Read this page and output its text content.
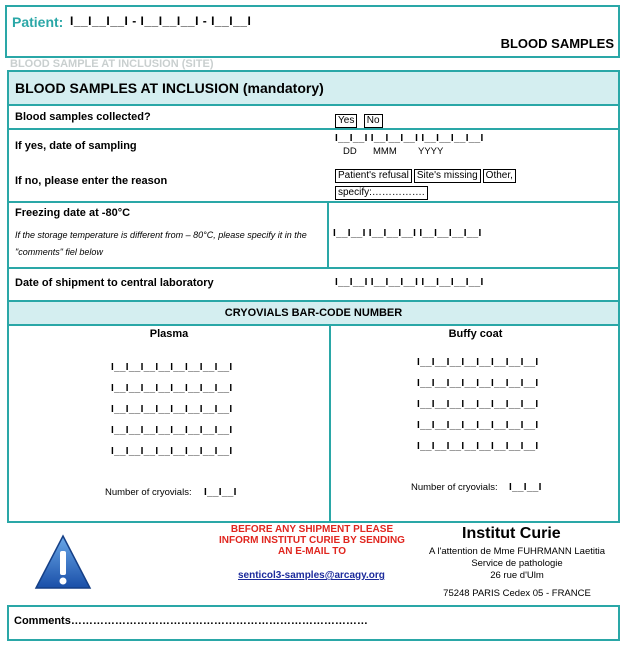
Patient: I__I__I__I - I__I__I__I - I__I__I
BLOOD SAMPLES
BLOOD SAMPLE AT INCLUSION (SITE)
BLOOD SAMPLES AT INCLUSION (mandatory)
Blood samples collected?	Yes No
If yes, date of sampling
I__I__I I__I__I__I I__I__I__I__I
DD MMM YYYY
If no, please enter the reason	Patient's refusal Site's missing Other,
specify:…………….
Freezing date at -80°C
If the storage temperature is different from – 80°C, please specify it in the "comments" fiel below
I__I__I I__I__I__I I__I__I__I__I
Date of shipment to central laboratory	I__I__I I__I__I__I I__I__I__I__I
CRYOVIALS BAR-CODE NUMBER
Plasma
I__I__I__I__I__I__I__I__I
I__I__I__I__I__I__I__I__I
I__I__I__I__I__I__I__I__I
I__I__I__I__I__I__I__I__I
I__I__I__I__I__I__I__I__I
Number of cryovials: I__I__I
Buffy coat
I__I__I__I__I__I__I__I__I
I__I__I__I__I__I__I__I__I
I__I__I__I__I__I__I__I__I
I__I__I__I__I__I__I__I__I
I__I__I__I__I__I__I__I__I
Number of cryovials: I__I__I
BEFORE ANY SHIPMENT PLEASE INFORM INSTITUT CURIE BY SENDING AN E-MAIL TO
senticol3-samples@arcagy.org
Institut Curie
A l'attention de Mme FUHRMANN Laetitia
Service de pathologie
26 rue d'Ulm
75248 PARIS Cedex 05 - FRANCE
Comments………………………………………………………………………
